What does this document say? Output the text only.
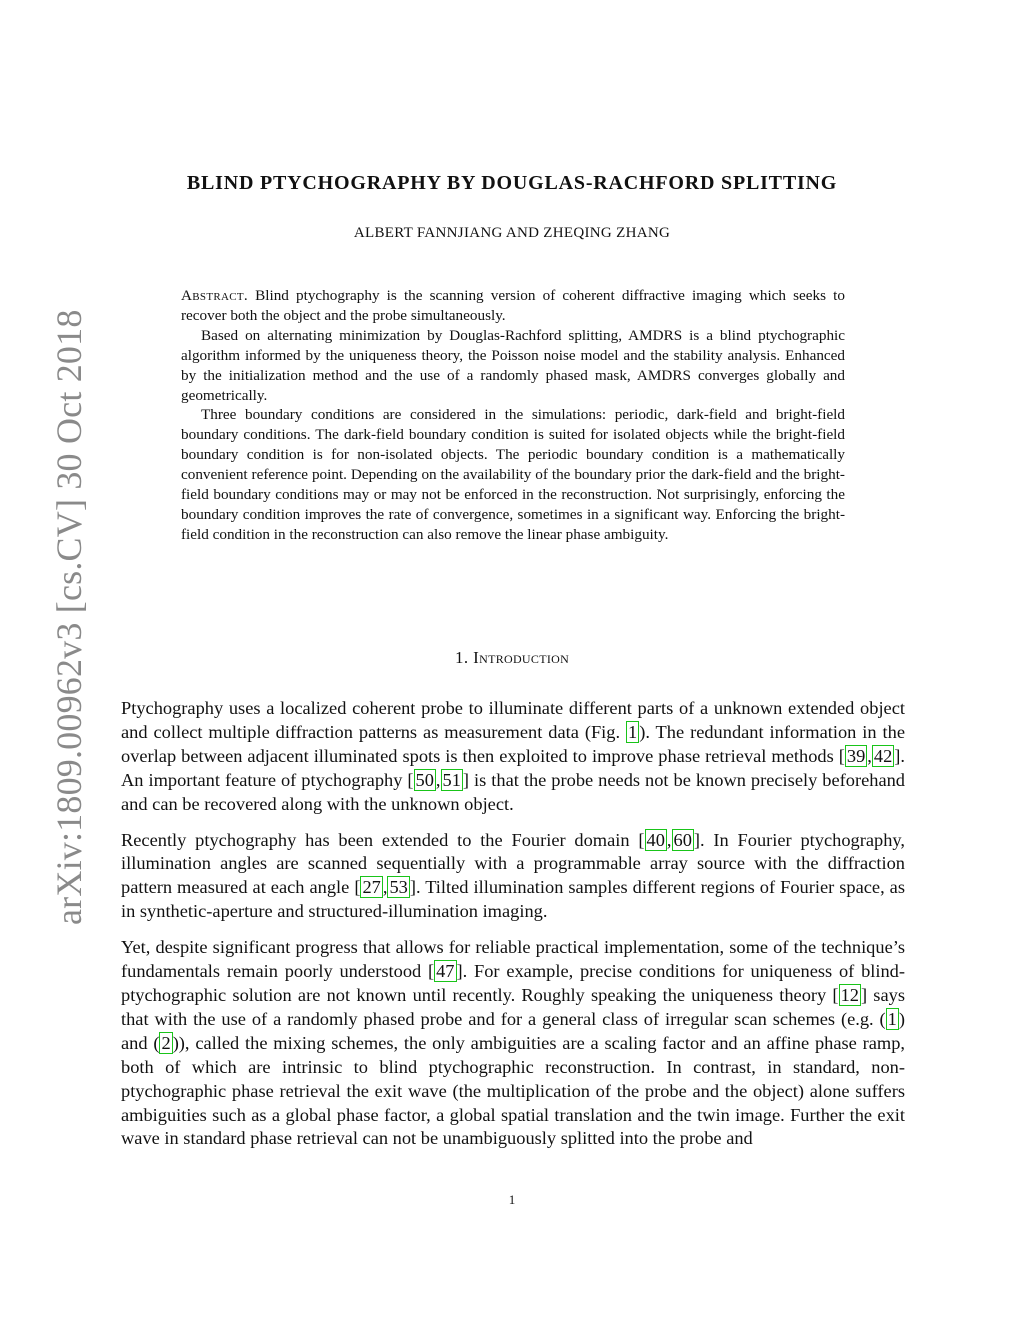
arXiv:1809.00962v3 [cs.CV] 30 Oct 2018
BLIND PTYCHOGRAPHY BY DOUGLAS-RACHFORD SPLITTING
ALBERT FANNJIANG AND ZHEQING ZHANG

Abstract. Blind ptychography is the scanning version of coherent diffractive imaging which seeks to recover both the object and the probe simultaneously.

Based on alternating minimization by Douglas-Rachford splitting, AMDRS is a blind ptychographic algorithm informed by the uniqueness theory, the Poisson noise model and the stability analysis. Enhanced by the initialization method and the use of a randomly phased mask, AMDRS converges globally and geometrically.

Three boundary conditions are considered in the simulations: periodic, dark-field and bright-field boundary conditions. The dark-field boundary condition is suited for isolated objects while the bright-field boundary condition is for non-isolated objects. The periodic boundary condition is a mathematically convenient reference point. Depending on the availability of the boundary prior the dark-field and the bright-field boundary conditions may or may not be enforced in the reconstruction. Not surprisingly, enforcing the boundary condition improves the rate of convergence, sometimes in a significant way. Enforcing the bright-field condition in the reconstruction can also remove the linear phase ambiguity.

1. Introduction

Ptychography uses a localized coherent probe to illuminate different parts of a unknown extended object and collect multiple diffraction patterns as measurement data (Fig. 1 ). The redundant information in the overlap between adjacent illuminated spots is then exploited to improve phase retrieval methods [ 39 , 42 ]. An important feature of ptychography [ 50 , 51 ] is that the probe needs not be known precisely beforehand and can be recovered along with the unknown object.

Recently ptychography has been extended to the Fourier domain [ 40 , 60 ]. In Fourier ptychography, illumination angles are scanned sequentially with a programmable array source with the diffraction pattern measured at each angle [ 27 , 53 ]. Tilted illumination samples different regions of Fourier space, as in synthetic-aperture and structured-illumination imaging.

Yet, despite significant progress that allows for reliable practical implementation, some of the technique’s fundamentals remain poorly understood [ 47 ]. For example, precise conditions for uniqueness of blind-ptychographic solution are not known until recently. Roughly speaking the uniqueness theory [ 12 ] says that with the use of a randomly phased probe and for a general class of irregular scan schemes (e.g. ( 1 ) and ( 2 )), called the mixing schemes, the only ambiguities are a scaling factor and an affine phase ramp, both of which are intrinsic to blind ptychographic reconstruction. In contrast, in standard, non-ptychographic phase retrieval the exit wave (the multiplication of the probe and the object) alone suffers ambiguities such as a global phase factor, a global spatial translation and the twin image. Further the exit wave in standard phase retrieval can not be unambiguously splitted into the probe and

1
